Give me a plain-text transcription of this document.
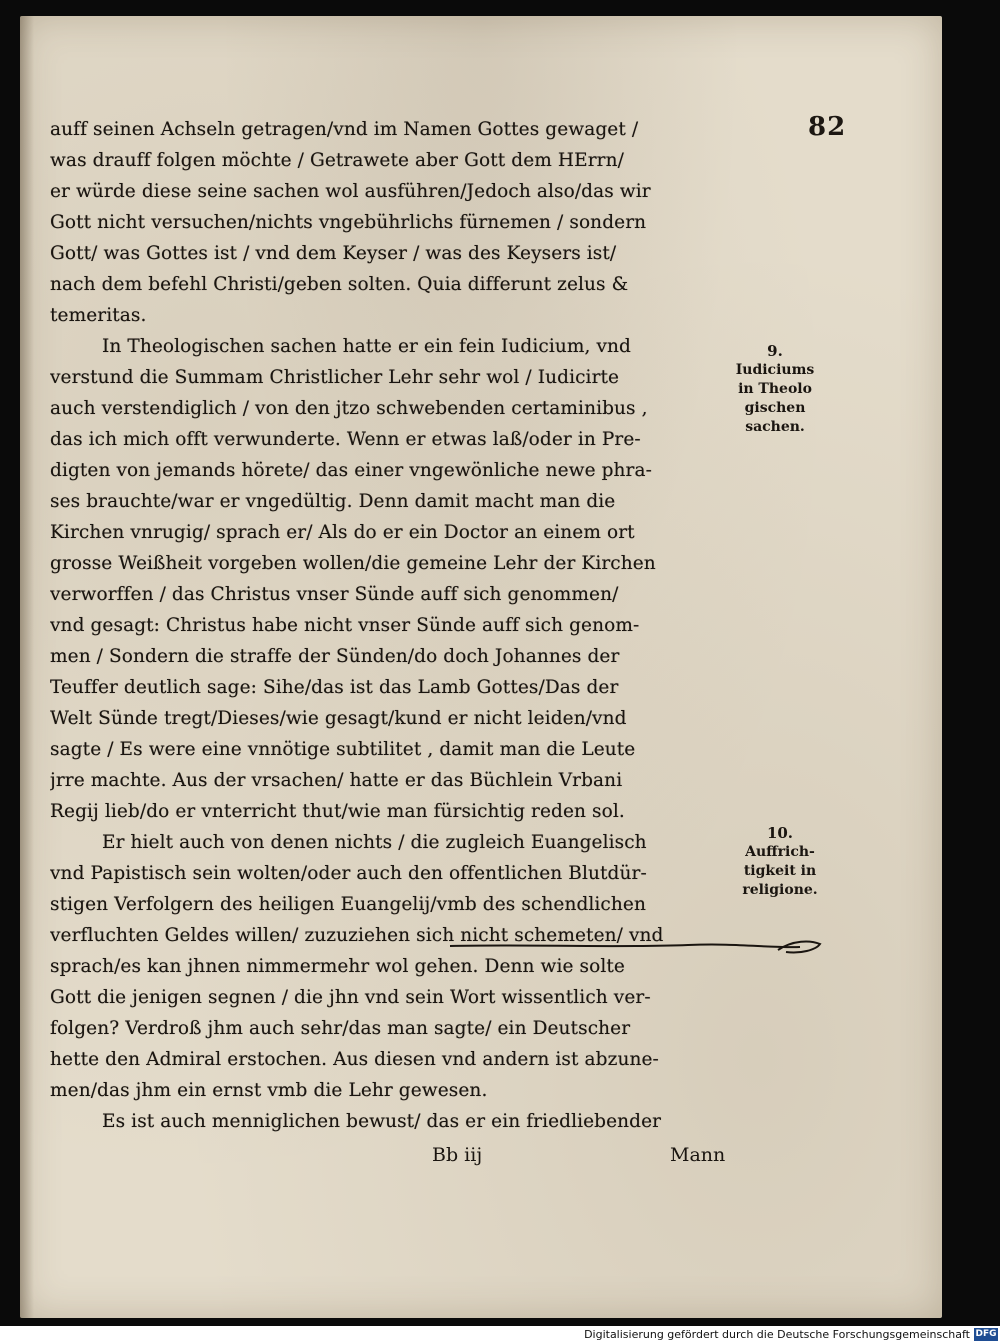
82
auff seinen Achseln getragen/vnd im Namen Gottes gewaget /
was drauff folgen möchte / Getrawete aber Gott dem HErrn/
er würde diese seine sachen wol ausführen/Jedoch also/das wir
Gott nicht versuchen/nichts vngebührlichs fürnemen / sondern
Gott/ was Gottes ist / vnd dem Keyser / was des Keysers ist/
nach dem befehl Christi/geben solten. Quia differunt zelus &
temeritas.
In Theologischen sachen hatte er ein fein Iudicium, vnd
verstund die Summam Christlicher Lehr sehr wol / Iudicirte
auch verstendiglich / von den jtzo schwebenden certaminibus ,
das ich mich offt verwunderte. Wenn er etwas laß/oder in Pre-
digten von jemands hörete/ das einer vngewönliche newe phra-
ses brauchte/war er vngedültig. Denn damit macht man die
Kirchen vnrugig/ sprach er/ Als do er ein Doctor an einem ort
grosse Weißheit vorgeben wollen/die gemeine Lehr der Kirchen
verworffen / das Christus vnser Sünde auff sich genommen/
vnd gesagt: Christus habe nicht vnser Sünde auff sich genom-
men / Sondern die straffe der Sünden/do doch Johannes der
Teuffer deutlich sage: Sihe/das ist das Lamb Gottes/Das der
Welt Sünde tregt/Dieses/wie gesagt/kund er nicht leiden/vnd
sagte / Es were eine vnnötige subtilitet , damit man die Leute
jrre machte. Aus der vrsachen/ hatte er das Büchlein Vrbani
Regij lieb/do er vnterricht thut/wie man fürsichtig reden sol.
Er hielt auch von denen nichts / die zugleich Euangelisch
vnd Papistisch sein wolten/oder auch den offentlichen Blutdür-
stigen Verfolgern des heiligen Euangelij/vmb des schendlichen
verfluchten Geldes willen/ zuzuziehen sich nicht schemeten/ vnd
sprach/es kan jhnen nimmermehr wol gehen. Denn wie solte
Gott die jenigen segnen / die jhn vnd sein Wort wissentlich ver-
folgen? Verdroß jhm auch sehr/das man sagte/ ein Deutscher
hette den Admiral erstochen. Aus diesen vnd andern ist abzune-
men/das jhm ein ernst vmb die Lehr gewesen.
Es ist auch menniglichen bewust/ das er ein friedliebender
9.
Iudiciums
in Theolo
gischen
sachen.
10.
Auffrich-
tigkeit in
religione.
Bb iij	Mann
Digitalisierung gefördert durch die Deutsche Forschungsgemeinschaft DFG
